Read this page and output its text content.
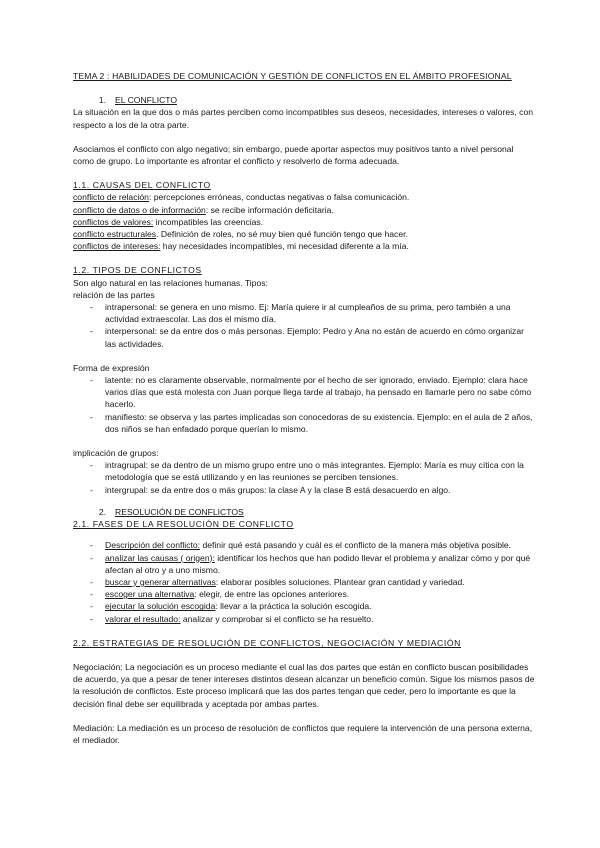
TEMA 2 : HABILIDADES DE COMUNICACIÓN Y GESTIÓN DE CONFLICTOS EN EL ÁMBITO PROFESIONAL

1.	EL CONFLICTO

La situación en la que dos o más partes perciben como incompatibles sus deseos, necesidades, intereses o valores, con respecto a los de la otra parte.

Asociamos el conflicto con algo negativo; sin embargo, puede aportar aspectos muy positivos tanto a nivel personal como de grupo. Lo importante es afrontar el conflicto y resolverlo de forma adecuada.

1.1. CAUSAS DEL CONFLICTO

conflicto de relación: percepciones erróneas, conductas negativas o falsa comunicación.

conflicto de datos o de información: se recibe información deficitaria.

conflictos de valores: incompatibles las creencias.

conflicto estructurales. Definición de roles, no sé muy bien qué función tengo que hacer.

conflictos de intereses: hay necesidades incompatibles, mi necesidad diferente a la mía.

1.2. TIPOS DE CONFLICTOS

Son algo natural en las relaciones humanas. Tipos:

relación de las partes

- intrapersonal: se genera en uno mismo. Ej: María quiere ir al cumpleaños de su prima, pero también a una actividad extraescolar. Las dos el mismo día.
- interpersonal: se da entre dos o más personas. Ejemplo: Pedro y Ana no están de acuerdo en cómo organizar las actividades.

Forma de expresión

- latente: no es claramente observable, normalmente por el hecho de ser ignorado, enviado. Ejemplo: clara hace varios días que está molesta con Juan porque llega tarde al trabajo, ha pensado en llamarle pero no sabe cómo hacerlo.
- manifiesto: se observa y las partes implicadas son conocedoras de su existencia. Ejemplo: en el aula de 2 años, dos niños se han enfadado porque querían lo mismo.

implicación de grupos:

- intragrupal: se da dentro de un mismo grupo entre uno o más integrantes. Ejemplo: María es muy cítica con la metodología que se está utilizando y en las reuniones se perciben tensiones.
- intergrupal: se da entre dos o más grupos: la clase A y la clase B está desacuerdo en algo.
2.	RESOLUCIÓN DE CONFLICTOS

2.1. FASES DE LA RESOLUCIÓN DE CONFLICTO

- Descripción del conflicto: definir qué está pasando y cuál es el conflicto de la manera más objetiva posible.
- analizar las causas ( origen): identificar los hechos que han podido llevar el problema y analizar cómo y por qué afectan al otro y a uno mismo.
- buscar y generar alternativas: elaborar posibles soluciones. Plantear gran cantidad y variedad.
- escoger una alternativa: elegir, de entre las opciones anteriores.
- ejecutar la solución escogida: llevar a la práctica la solución escogida.
- valorar el resultado: analizar y comprobar si el conflicto se ha resuelto.

2.2. ESTRATEGIAS DE RESOLUCIÓN DE CONFLICTOS, NEGOCIACIÓN Y MEDIACIÓN

Negociación: La negociación es un proceso mediante el cual las dos partes que están en conflicto buscan posibilidades de acuerdo, ya que a pesar de tener intereses distintos desean alcanzar un beneficio común. Sigue los mismos pasos de la resolución de conflictos. Este proceso implicará que las dos partes tengan que ceder, pero lo importante es que la decisión final debe ser equilibrada y aceptada por ambas partes.

Mediación: La mediación es un proceso de resolución de conflictos que requiere la intervención de una persona externa, el mediador.
